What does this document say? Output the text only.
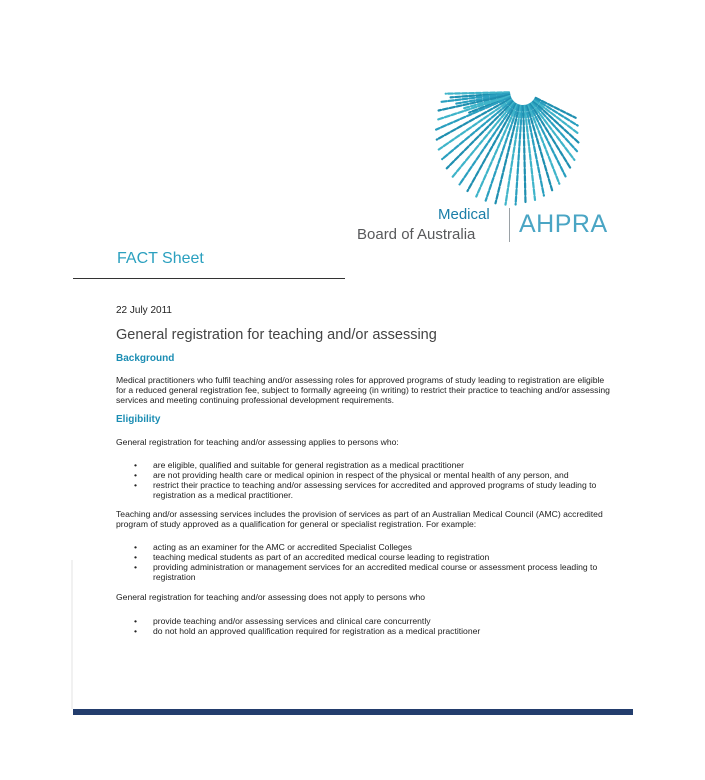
Medical
Board of Australia AHPRA
FACT Sheet
22 July 2011
General registration for teaching and/or assessing
Background
Medical practitioners who fulfil teaching and/or assessing roles for approved programs of study leading to registration are eligible for a reduced general registration fee, subject to formally agreeing (in writing) to restrict their practice to teaching and/or assessing services and meeting continuing professional development requirements.
Eligibility
General registration for teaching and/or assessing applies to persons who:
• are eligible, qualified and suitable for general registration as a medical practitioner
• are not providing health care or medical opinion in respect of the physical or mental health of any person, and
• restrict their practice to teaching and/or assessing services for accredited and approved programs of study leading to registration as a medical practitioner.
Teaching and/or assessing services includes the provision of services as part of an Australian Medical Council (AMC) accredited program of study approved as a qualification for general or specialist registration. For example:
• acting as an examiner for the AMC or accredited Specialist Colleges
• teaching medical students as part of an accredited medical course leading to registration
• providing administration or management services for an accredited medical course or assessment process leading to registration
General registration for teaching and/or assessing does not apply to persons who
• provide teaching and/or assessing services and clinical care concurrently
• do not hold an approved qualification required for registration as a medical practitioner
